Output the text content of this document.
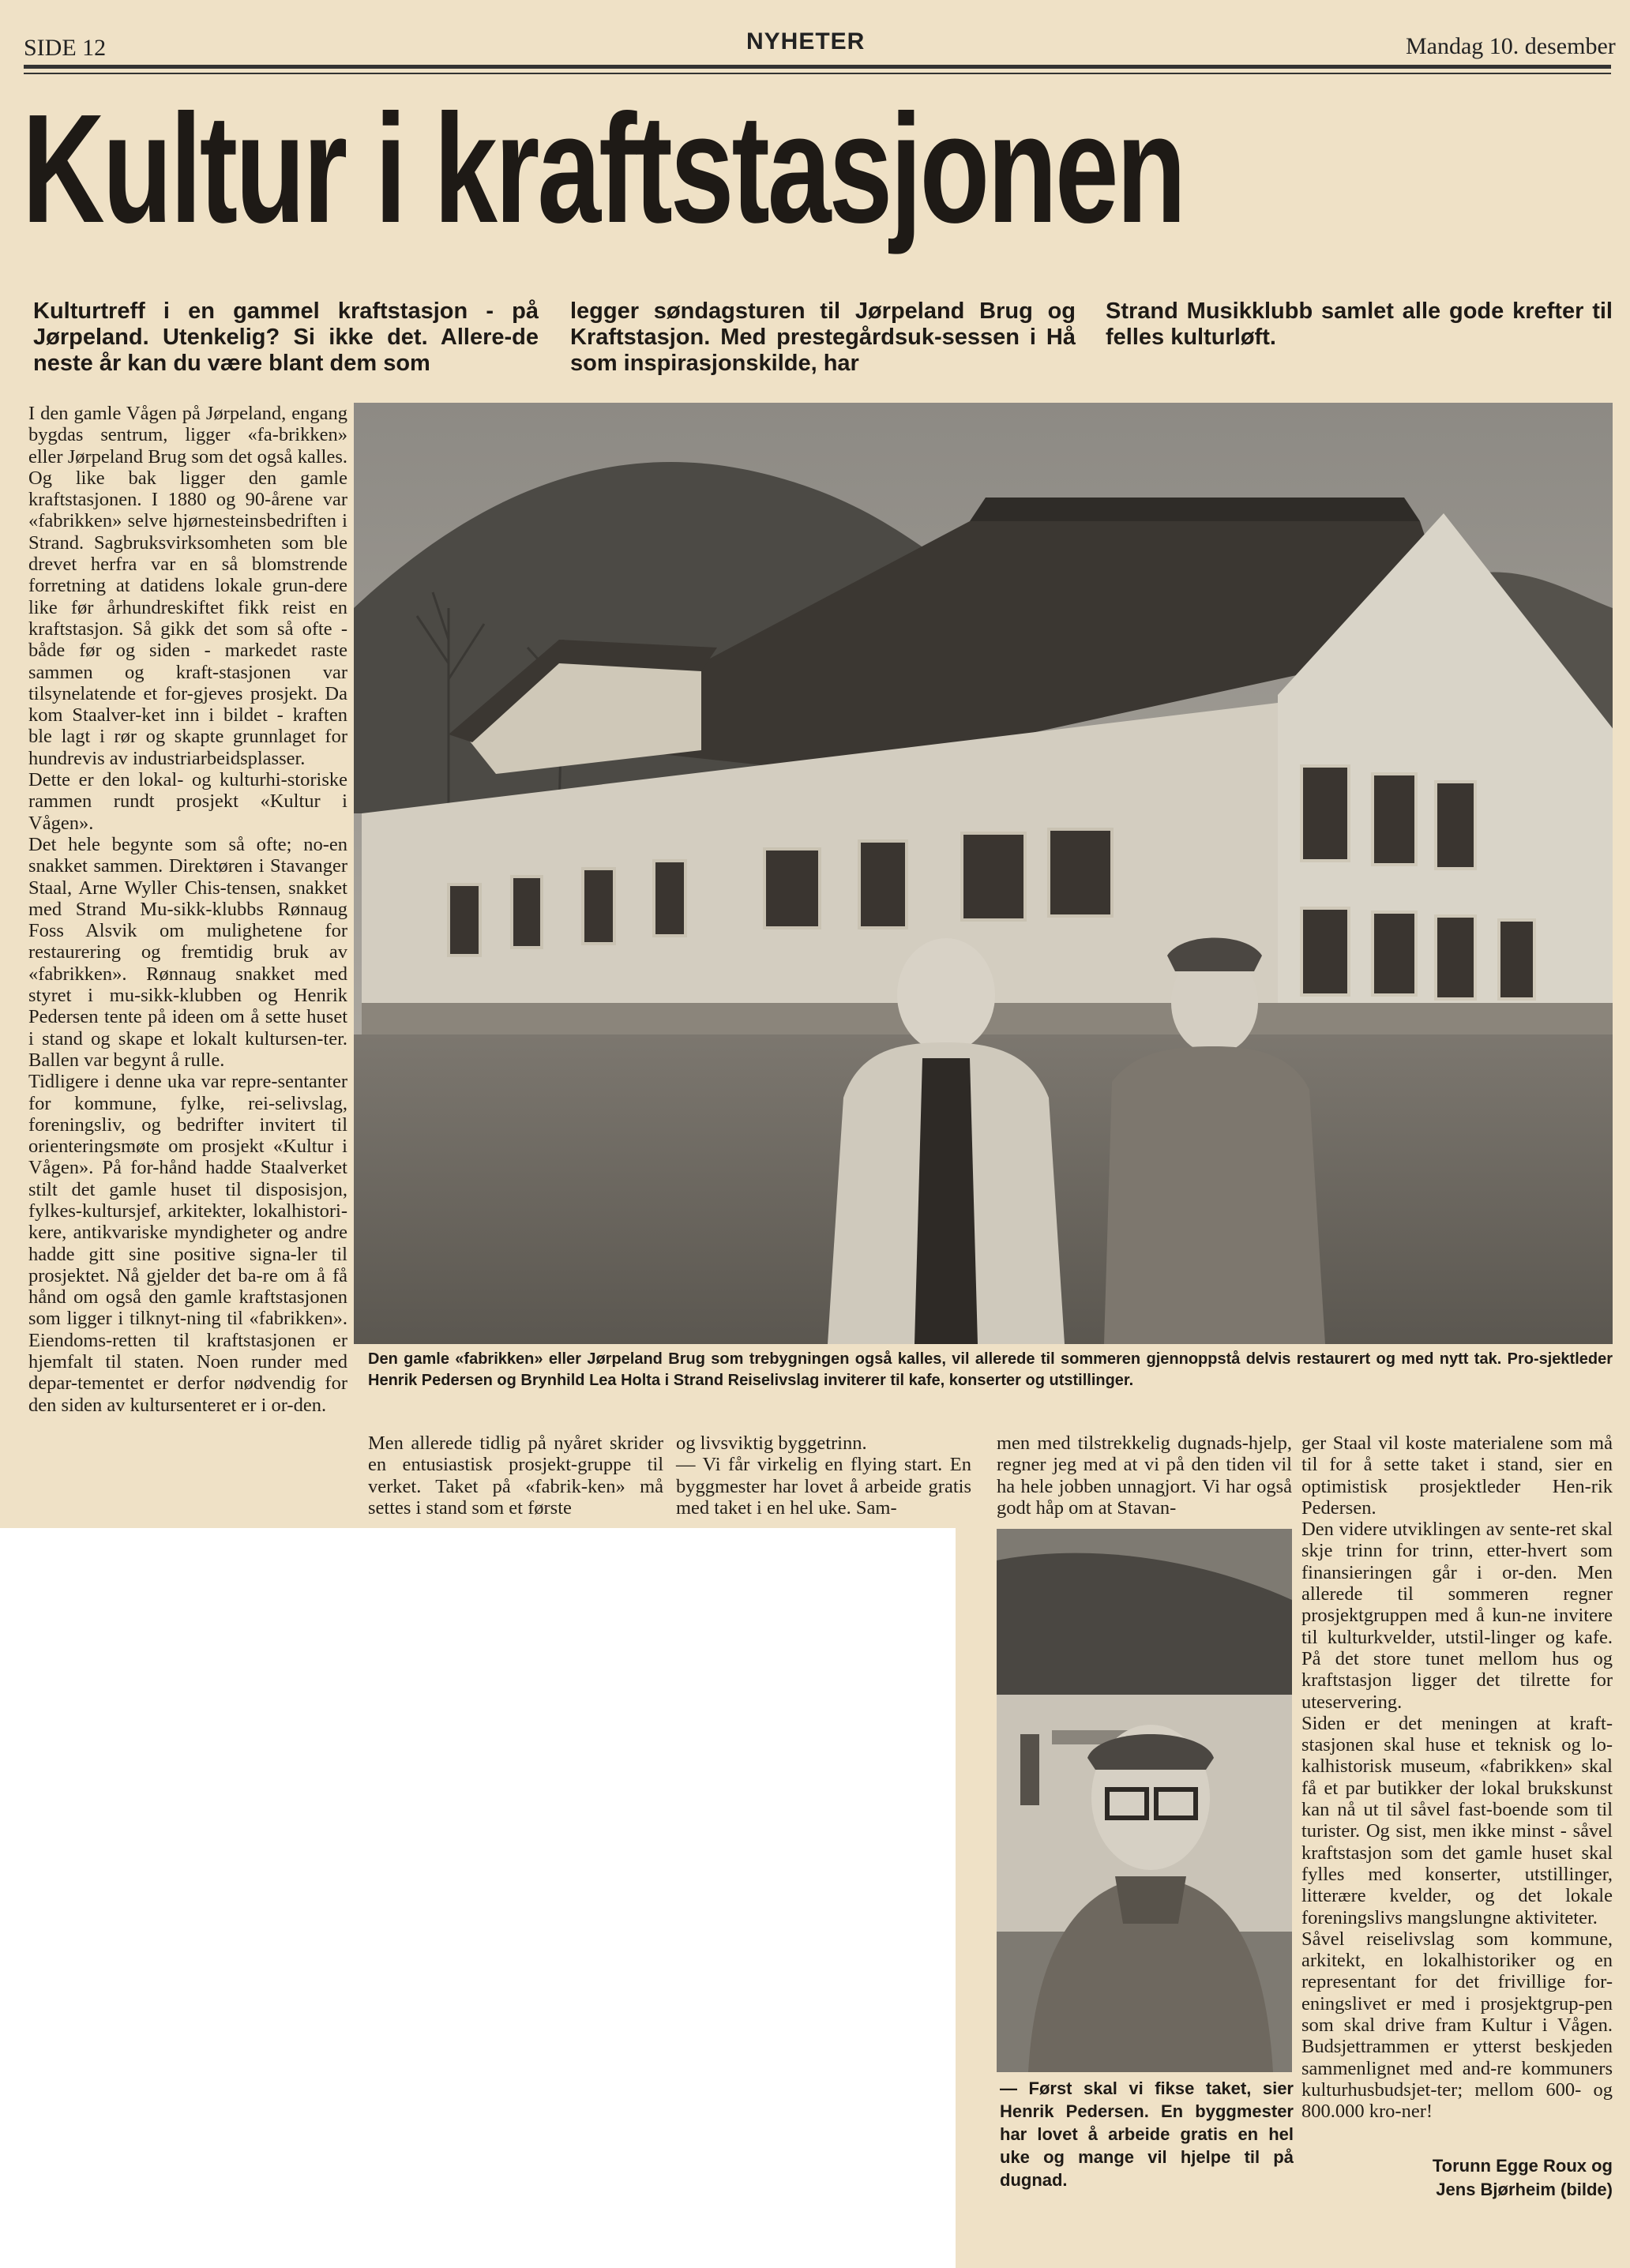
SIDE 12	NYHETER	Mandag 10. desember
Kultur i kraftstasjonen
Kulturtreff i en gammel kraftstasjon - på Jørpeland. Utenkelig? Si ikke det. Allere-de neste år kan du være blant dem som
legger søndagsturen til Jørpeland Brug og Kraftstasjon. Med prestegårdsuk-sessen i Hå som inspirasjonskilde, har
Strand Musikklubb samlet alle gode krefter til felles kulturløft.
I den gamle Vågen på Jørpeland, engang bygdas sentrum, ligger «fa-brikken» eller Jørpeland Brug som det også kalles. Og like bak ligger den gamle kraftstasjonen. I 1880 og 90-årene var «fabrikken» selve hjørnesteinsbedriften i Strand. Sagbruksvirksomheten som ble drevet herfra var en så blomstrende forretning at datidens lokale grun-dere like før århundreskiftet fikk reist en kraftstasjon. Så gikk det som så ofte - både før og siden - markedet raste sammen og kraft-stasjonen var tilsynelatende et for-gjeves prosjekt. Da kom Staalver-ket inn i bildet - kraften ble lagt i rør og skapte grunnlaget for hundrevis av industriarbeidsplasser.
Dette er den lokal- og kulturhi-storiske rammen rundt prosjekt «Kultur i Vågen».
Det hele begynte som så ofte; no-en snakket sammen. Direktøren i Stavanger Staal, Arne Wyller Chis-tensen, snakket med Strand Mu-sikk-klubbs Rønnaug Foss Alsvik om mulighetene for restaurering og fremtidig bruk av «fabrikken». Rønnaug snakket med styret i mu-sikk-klubben og Henrik Pedersen tente på ideen om å sette huset i stand og skape et lokalt kultursen-ter. Ballen var begynt å rulle.
Tidligere i denne uka var repre-sentanter for kommune, fylke, rei-selivslag, foreningsliv, og bedrifter invitert til orienteringsmøte om prosjekt «Kultur i Vågen». På for-hånd hadde Staalverket stilt det gamle huset til disposisjon, fylkes-kultursjef, arkitekter, lokalhistori-kere, antikvariske myndigheter og andre hadde gitt sine positive signa-ler til prosjektet. Nå gjelder det ba-re om å få hånd om også den gamle kraftstasjonen som ligger i tilknyt-ning til «fabrikken». Eiendoms-retten til kraftstasjonen er hjemfalt til staten. Noen runder med depar-tementet er derfor nødvendig for den siden av kultursenteret er i or-den.
Den gamle «fabrikken» eller Jørpeland Brug som trebygningen også kalles, vil allerede til sommeren gjennoppstå delvis restaurert og med nytt tak. Pro-sjektleder Henrik Pedersen og Brynhild Lea Holta i Strand Reiselivslag inviterer til kafe, konserter og utstillinger.
Men allerede tidlig på nyåret skrider en entusiastisk prosjekt-gruppe til verket. Taket på «fabrik-ken» må settes i stand som et første
og livsviktig byggetrinn.
— Vi får virkelig en flying start. En byggmester har lovet å arbeide gratis med taket i en hel uke. Sam-
men med tilstrekkelig dugnads-hjelp, regner jeg med at vi på den tiden vil ha hele jobben unnagjort. Vi har også godt håp om at Stavan-
ger Staal vil koste materialene som må til for å sette taket i stand, sier en optimistisk prosjektleder Hen-rik Pedersen.
Den videre utviklingen av sente-ret skal skje trinn for trinn, etter-hvert som finansieringen går i or-den. Men allerede til sommeren regner prosjektgruppen med å kun-ne invitere til kulturkvelder, utstil-linger og kafe. På det store tunet mellom hus og kraftstasjon ligger det tilrette for uteservering.
Siden er det meningen at kraft-stasjonen skal huse et teknisk og lo-kalhistorisk museum, «fabrikken» skal få et par butikker der lokal brukskunst kan nå ut til såvel fast-boende som til turister. Og sist, men ikke minst - såvel kraftstasjon som det gamle huset skal fylles med konserter, utstillinger, litterære kvelder, og det lokale foreningslivs mangslungne aktiviteter.
Såvel reiselivslag som kommune, arkitekt, en lokalhistoriker og en representant for det frivillige for-eningslivet er med i prosjektgrup-pen som skal drive fram Kultur i Vågen. Budsjettrammen er ytterst beskjeden sammenlignet med and-re kommuners kulturhusbudsjet-ter; mellom 600- og 800.000 kro-ner!
— Først skal vi fikse taket, sier Henrik Pedersen. En byggmester har lovet å arbeide gratis en hel uke og mange vil hjelpe til på dugnad.
Torunn Egge Roux og
Jens Bjørheim (bilde)
